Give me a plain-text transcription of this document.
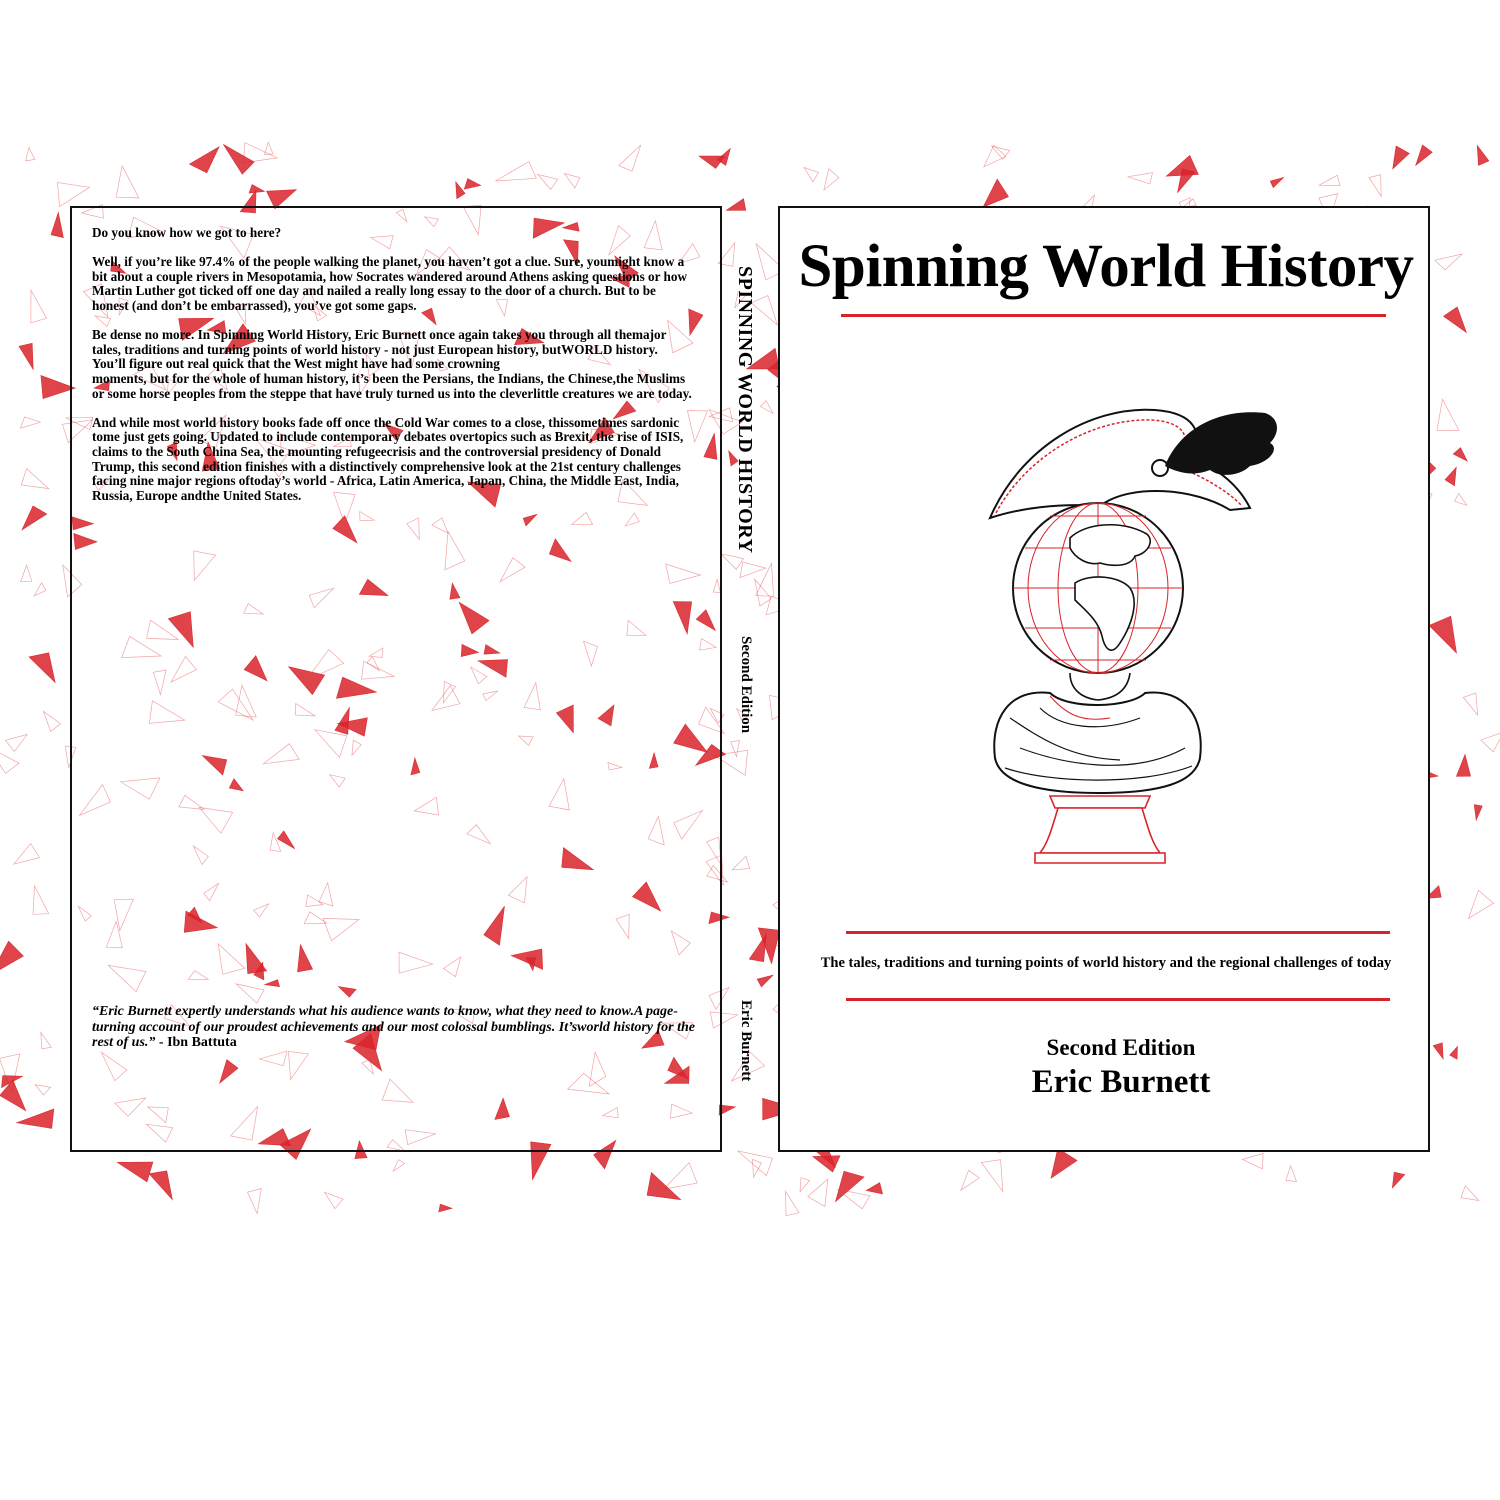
Do you know how we got to here?

Well, if you’re like 97.4% of the people walking the planet, you haven’t got a clue. Sure, youmight know a bit about a couple rivers in Mesopotamia, how Socrates wandered around Athens asking questions or how Martin Luther got ticked off one day and nailed a really long essay to the door of a church. But to be honest (and don’t be embarrassed), you’ve got some gaps.

Be dense no more. In Spinning World History, Eric Burnett once again takes you through all themajor tales, traditions and turning points of world history - not just European history, butWORLD history. You’ll figure out real quick that the West might have had some crowning
moments, but for the whole of human history, it’s been the Persians, the Indians, the Chinese,the Muslims or some horse peoples from the steppe that have truly turned us into the cleverlittle creatures we are today.

And while most world history books fade off once the Cold War comes to a close, thissometimes sardonic tome just gets going. Updated to include contemporary debates overtopics such as Brexit, the rise of ISIS, claims to the South China Sea, the mounting refugeecrisis and the controversial presidency of Donald Trump, this second edition finishes with a distinctively comprehensive look at the 21st century challenges facing nine major regions oftoday’s world - Africa, Latin America, Japan, China, the Middle East, India, Russia, Europe andthe United States.

“Eric Burnett expertly understands what his audience wants to know, what they need to know.A page-turning account of our proudest achievements and our most colossal bumblings. It’sworld history for the rest of us.” - Ibn Battuta
SPINNING WORLD HISTORY
Second Edition
Eric Burnett
Spinning World History
The tales, traditions and turning points of world history and the regional challenges of today
Second Edition
Eric Burnett
